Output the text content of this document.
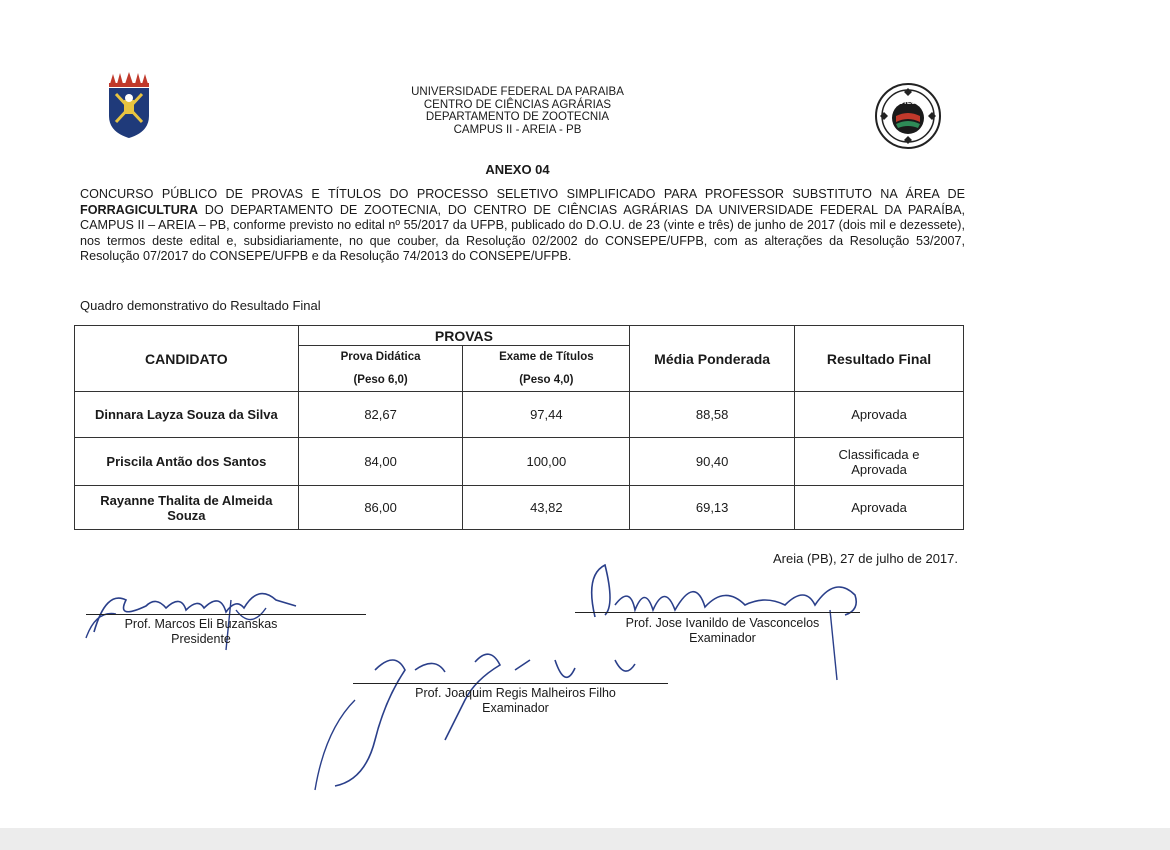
UNIVERSIDADE FEDERAL DA PARAIBA
CENTRO DE CIÊNCIAS AGRÁRIAS
DEPARTAMENTO DE ZOOTECNIA
CAMPUS II - AREIA - PB
ZOOTECNIA
ANEXO 04
CONCURSO PÚBLICO DE PROVAS E TÍTULOS DO PROCESSO SELETIVO SIMPLIFICADO PARA PROFESSOR SUBSTITUTO NA ÁREA DE FORRAGICULTURA DO DEPARTAMENTO DE ZOOTECNIA, DO CENTRO DE CIÊNCIAS AGRÁRIAS DA UNIVERSIDADE FEDERAL DA PARAÍBA, CAMPUS II – AREIA – PB, conforme previsto no edital nº 55/2017 da UFPB, publicado do D.O.U. de 23 (vinte e três) de junho de 2017 (dois mil e dezessete), nos termos deste edital e, subsidiariamente, no que couber, da Resolução 02/2002 do CONSEPE/UFPB, com as alterações da Resolução 53/2007, Resolução 07/2017 do CONSEPE/UFPB e da Resolução 74/2013 do CONSEPE/UFPB.
Quadro demonstrativo do Resultado Final
CANDIDATO	PROVAS		Média Ponderada	Resultado Final
	Prova Didática	Exame de Títulos		
	(Peso 6,0)	(Peso 4,0)		
Dinnara Layza Souza da Silva	82,67	97,44	88,58	Aprovada
Priscila Antão dos Santos	84,00	100,00	90,40	Classificada e Aprovada
Rayanne Thalita de Almeida Souza	86,00	43,82	69,13	Aprovada
Areia (PB), 27 de julho de 2017.
Prof. Marcos Eli Buzanskas
Presidente
Prof. Jose Ivanildo de Vasconcelos
Examinador
Prof. Joaquim Regis Malheiros Filho
Examinador
